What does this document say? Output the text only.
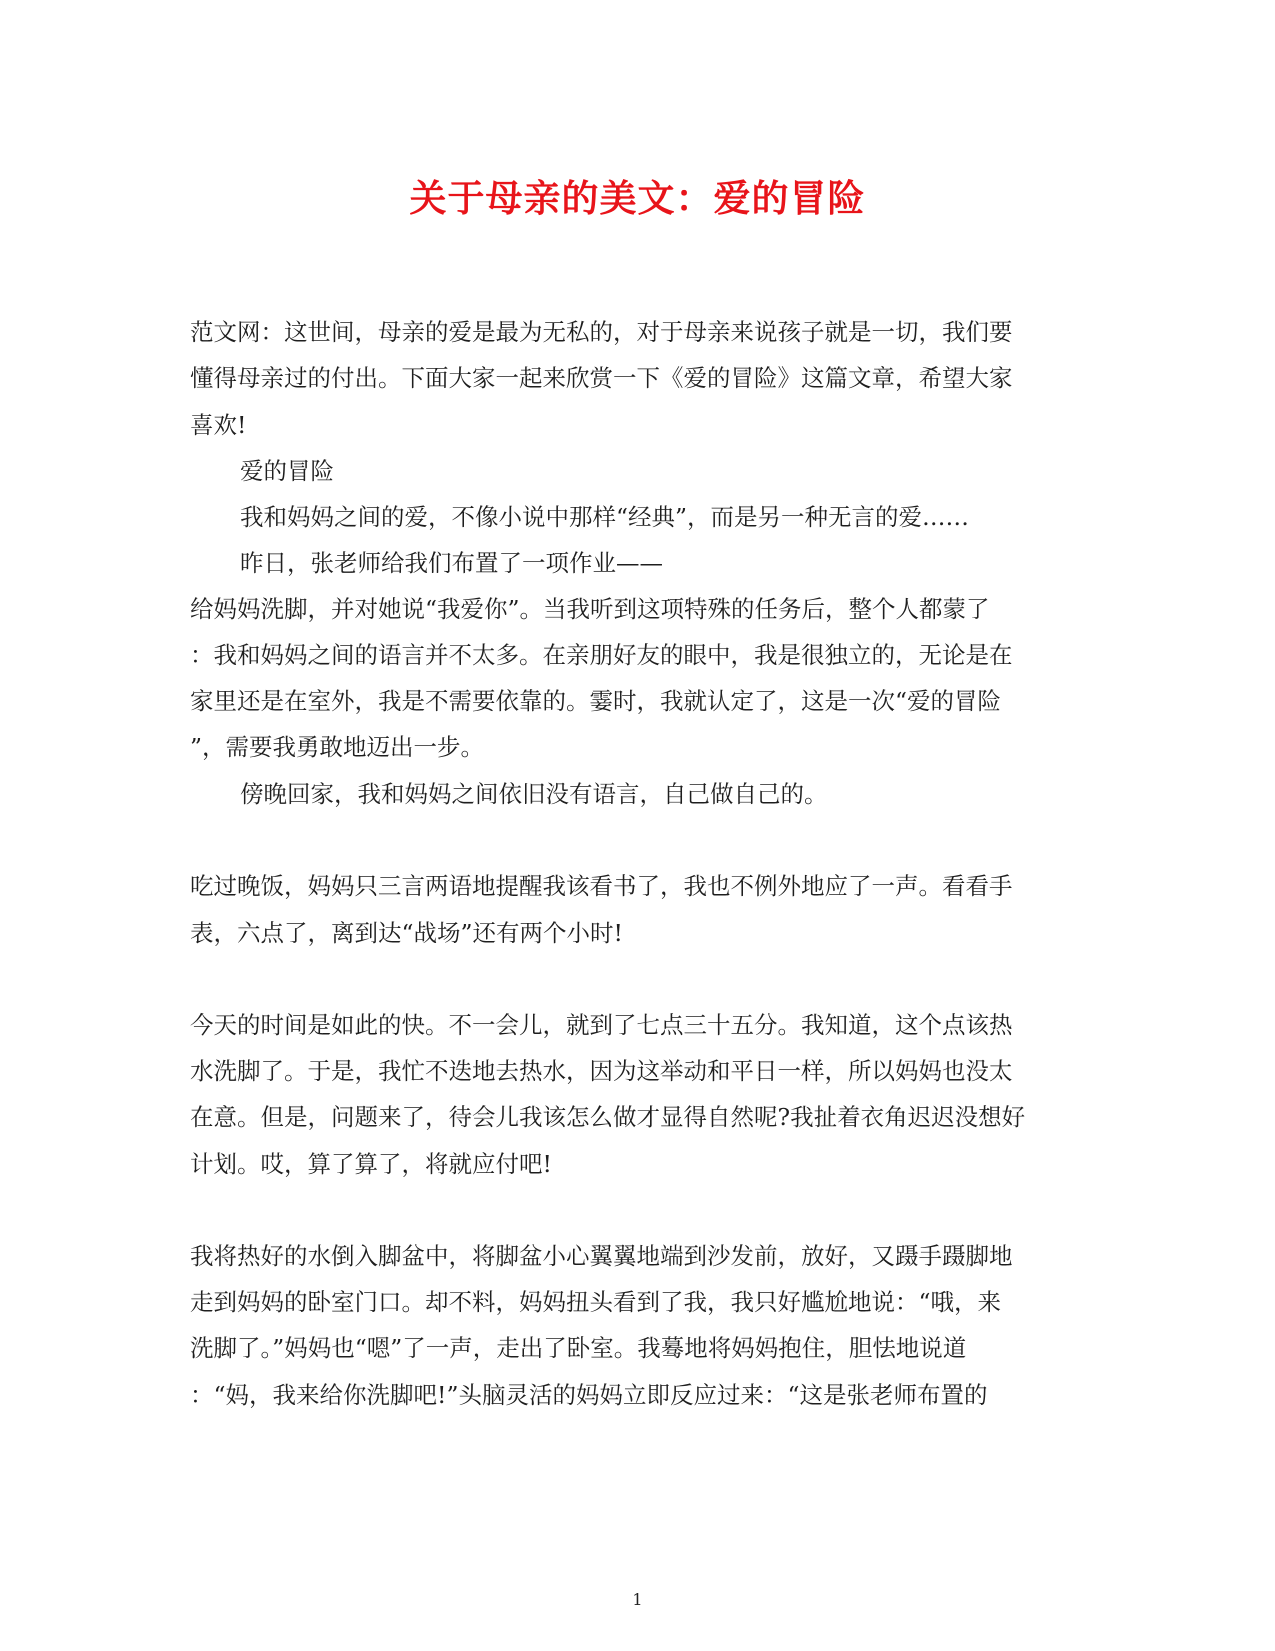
关于母亲的美文：爱的冒险

范文网：这世间，母亲的爱是最为无私的，对于母亲来说孩子就是一切，我们要

懂得母亲过的付出。下面大家一起来欣赏一下《爱的冒险》这篇文章，希望大家

喜欢!

爱的冒险

我和妈妈之间的爱，不像小说中那样“经典”，而是另一种无言的爱……

昨日，张老师给我们布置了一项作业——

给妈妈洗脚，并对她说“我爱你”。当我听到这项特殊的任务后，整个人都蒙了

：我和妈妈之间的语言并不太多。在亲朋好友的眼中，我是很独立的，无论是在

家里还是在室外，我是不需要依靠的。霎时，我就认定了，这是一次“爱的冒险

”，需要我勇敢地迈出一步。

傍晚回家，我和妈妈之间依旧没有语言，自己做自己的。

吃过晚饭，妈妈只三言两语地提醒我该看书了，我也不例外地应了一声。看看手

表，六点了，离到达“战场”还有两个小时!

今天的时间是如此的快。不一会儿，就到了七点三十五分。我知道，这个点该热

水洗脚了。于是，我忙不迭地去热水，因为这举动和平日一样，所以妈妈也没太

在意。但是，问题来了，待会儿我该怎么做才显得自然呢?我扯着衣角迟迟没想好

计划。哎，算了算了，将就应付吧!

我将热好的水倒入脚盆中，将脚盆小心翼翼地端到沙发前，放好，又蹑手蹑脚地

走到妈妈的卧室门口。却不料，妈妈扭头看到了我，我只好尴尬地说：“哦，来

洗脚了。”妈妈也“嗯”了一声，走出了卧室。我蓦地将妈妈抱住，胆怯地说道

：“妈，我来给你洗脚吧!”头脑灵活的妈妈立即反应过来：“这是张老师布置的

1
